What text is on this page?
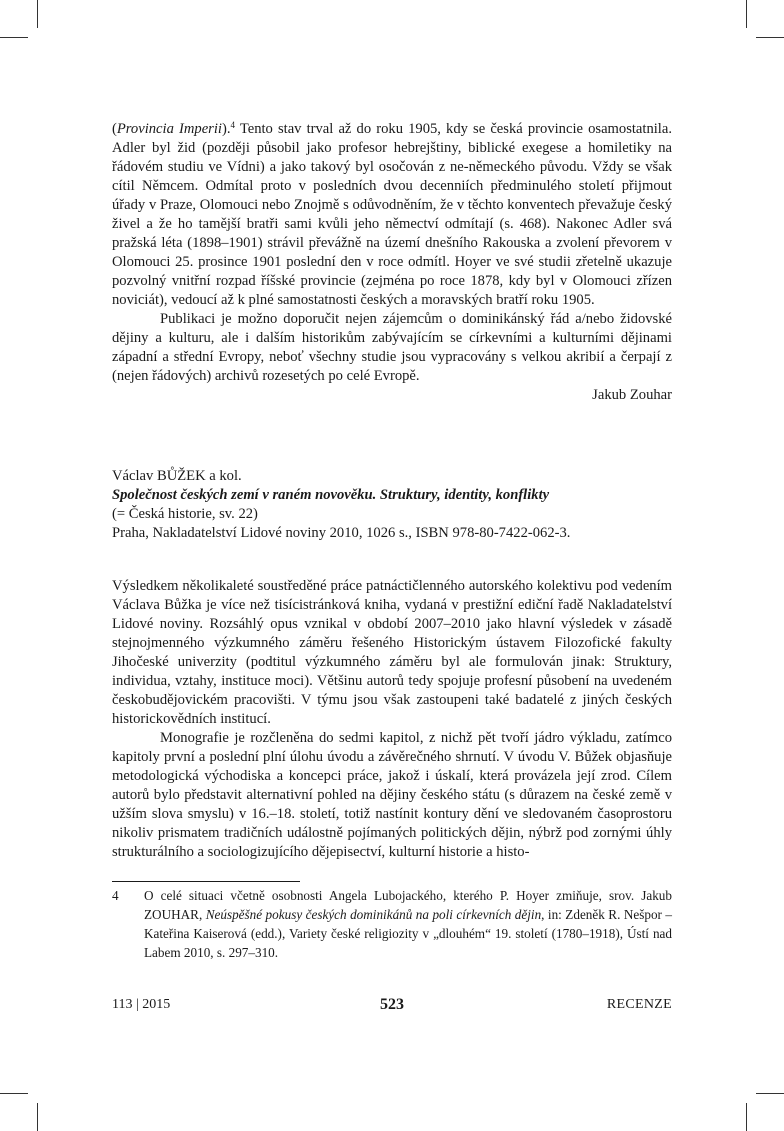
(Provincia Imperii).$^4$ Tento stav trval až do roku 1905, kdy se česká provincie osamostatnila. Adler byl žid (později působil jako profesor hebrejštiny, biblické exegese a homiletiky na řádovém studiu ve Vídni) a jako takový byl osočován z ne-německého původu. Vždy se však cítil Němcem. Odmítal proto v posledních dvou decenniích předminulého století přijmout úřady v Praze, Olomouci nebo Znojmě s odůvodněním, že v těchto konventech převažuje český živel a že ho tamější bratři sami kvůli jeho němectví odmítají (s. 468). Nakonec Adler svá pražská léta (1898–1901) strávil převážně na území dnešního Rakouska a zvolení převorem v Olomouci 25. prosince 1901 poslední den v roce odmítl. Hoyer ve své studii zřetelně ukazuje pozvolný vnitřní rozpad říšské provincie (zejména po roce 1878, kdy byl v Olomouci zřízen noviciát), vedoucí až k plné samostatnosti českých a moravských bratří roku 1905.

Publikaci je možno doporučit nejen zájemcům o dominikánský řád a/nebo židovské dějiny a kulturu, ale i dalším historikům zabývajícím se církevními a kulturními dějinami západní a střední Evropy, neboť všechny studie jsou vypracovány s velkou akribií a čerpají z (nejen řádových) archivů rozesetých po celé Evropě.

Jakub Zouhar

Václav BŮŽEK a kol.
Společnost českých zemí v raném novověku. Struktury, identity, konflikty
(= Česká historie, sv. 22)
Praha, Nakladatelství Lidové noviny 2010, 1026 s., ISBN 978-80-7422-062-3.

Výsledkem několikaleté soustředěné práce patnáctičlenného autorského kolektivu pod vedením Václava Bůžka je více než tisícistránková kniha, vydaná v prestižní ediční řadě Nakladatelství Lidové noviny. Rozsáhlý opus vznikal v období 2007–2010 jako hlavní výsledek v zásadě stejnojmenného výzkumného záměru řešeného Historickým ústavem Filozofické fakulty Jihočeské univerzity (podtitul výzkumného záměru byl ale formulován jinak: Struktury, individua, vztahy, instituce moci). Většinu autorů tedy spojuje profesní působení na uvedeném českobudějovickém pracovišti. V týmu jsou však zastoupeni také badatelé z jiných českých historickovědních institucí.

Monografie je rozčleněna do sedmi kapitol, z nichž pět tvoří jádro výkladu, zatímco kapitoly první a poslední plní úlohu úvodu a závěrečného shrnutí. V úvodu V. Bůžek objasňuje metodologická východiska a koncepci práce, jakož i úskalí, která provázela její zrod. Cílem autorů bylo představit alternativní pohled na dějiny českého státu (s důrazem na české země v užším slova smyslu) v 16.–18. století, totiž nastínit kontury dění ve sledovaném časoprostoru nikoliv prismatem tradičních událostně pojímaných politických dějin, nýbrž pod zornými úhly strukturálního a sociologizujícího dějepisectví, kulturní historie a histo-

4 O celé situaci včetně osobnosti Angela Lubojackého, kterého P. Hoyer zmiňuje, srov. Jakub ZOUHAR, Neúspěšné pokusy českých dominikánů na poli církevních dějin, in: Zdeněk R. Nešpor – Kateřina Kaiserová (edd.), Variety české religiozity v „dlouhém“ 19. století (1780–1918), Ústí nad Labem 2010, s. 297–310.
113 | 2015	523	RECENZE
